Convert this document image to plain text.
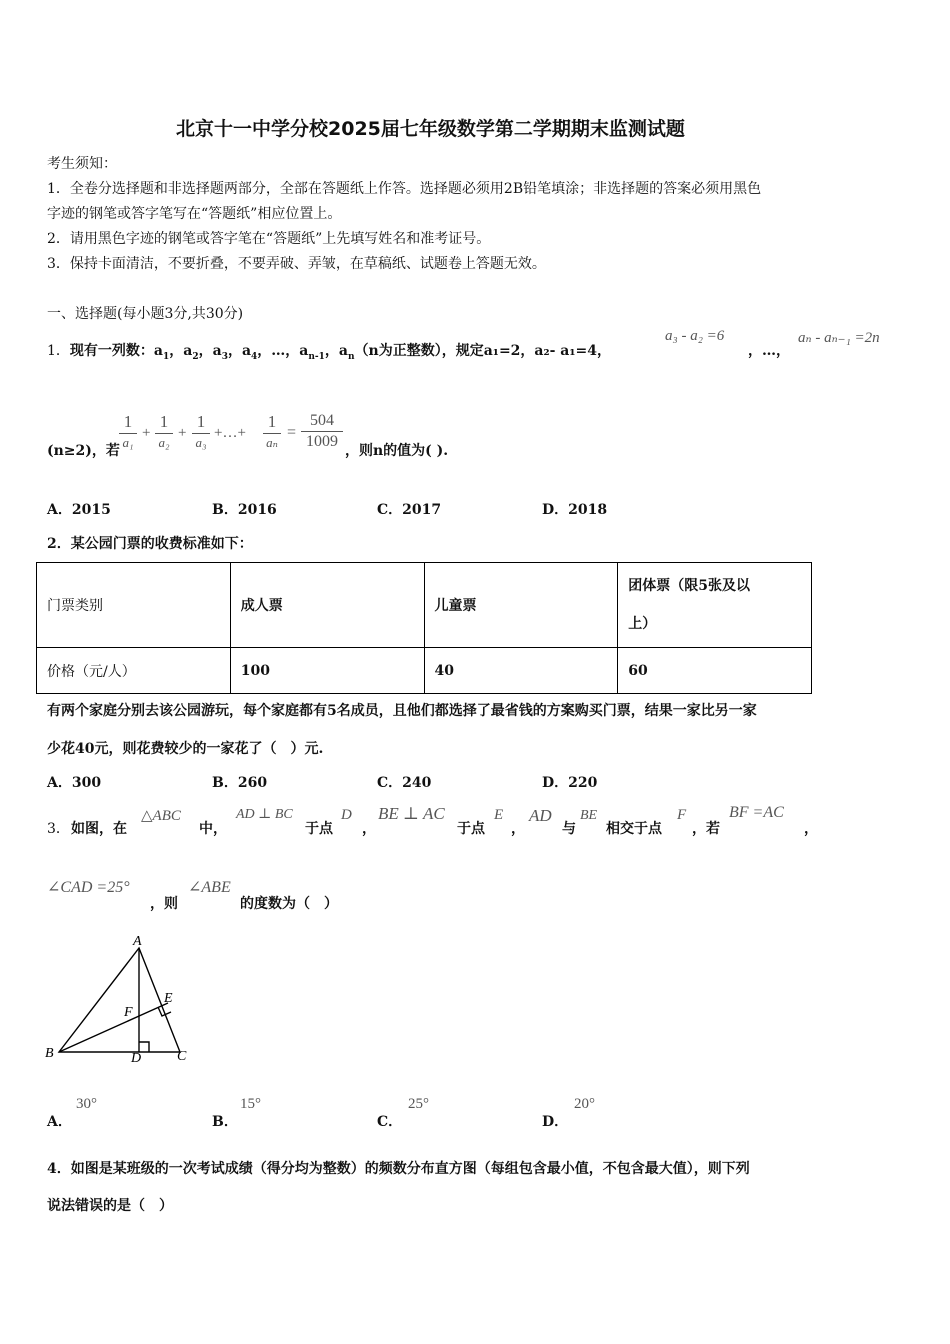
北京十一中学分校2025届七年级数学第二学期期末监测试题
考生须知：
1．全卷分选择题和非选择题两部分，全部在答题纸上作答。选择题必须用2B铅笔填涂；非选择题的答案必须用黑色
字迹的钢笔或答字笔写在“答题纸”相应位置上。
2．请用黑色字迹的钢笔或答字笔在“答题纸”上先填写姓名和准考证号。
3．保持卡面清洁，不要折叠，不要弄破、弄皱，在草稿纸、试题卷上答题无效。
一、选择题(每小题3分,共30分)
1．现有一列数：$a_1$，$a_2$，$a_3$，$a_4$，…，$a_{n-1}$，$a_n(n$为正整数），规定a₁=2，a₂- a₁=4，
a₃ - a₂ =6
，…，
aₙ - aₙ₋₁ =2n
(n≥2)，若
1
a₁
+
1
a₂
+
1
a₃
+…+
1
aₙ
=
504
1009
，则n的值为( ).
A．2015	B．2016	C．2017	D．2018
2．某公园门票的收费标准如下：
门票类别	成人票	儿童票	团体票（限5张及以
上）

价格（元/人）	100	40	60
有两个家庭分别去该公园游玩，每个家庭都有5名成员，且他们都选择了最省钱的方案购买门票，结果一家比另一家
少花40元，则花费较少的一家花了（　）元.
A．300	B．260	C．240	D．220
3． 如图，在
△ABC
中，
AD ⊥ BC
于点
D
，
BE ⊥ AC
于点
E
，
AD
与
BE
相交于点
F
，若
BF =AC
，
∠CAD =25°
，则
∠ABE
的度数为（　）
A
B	C
D
E
F
A．
30°
B．
15°
C．
25°
D．
20°
4．如图是某班级的一次考试成绩（得分均为整数）的频数分布直方图（每组包含最小值，不包含最大值），则下列
说法错误的是（　）
